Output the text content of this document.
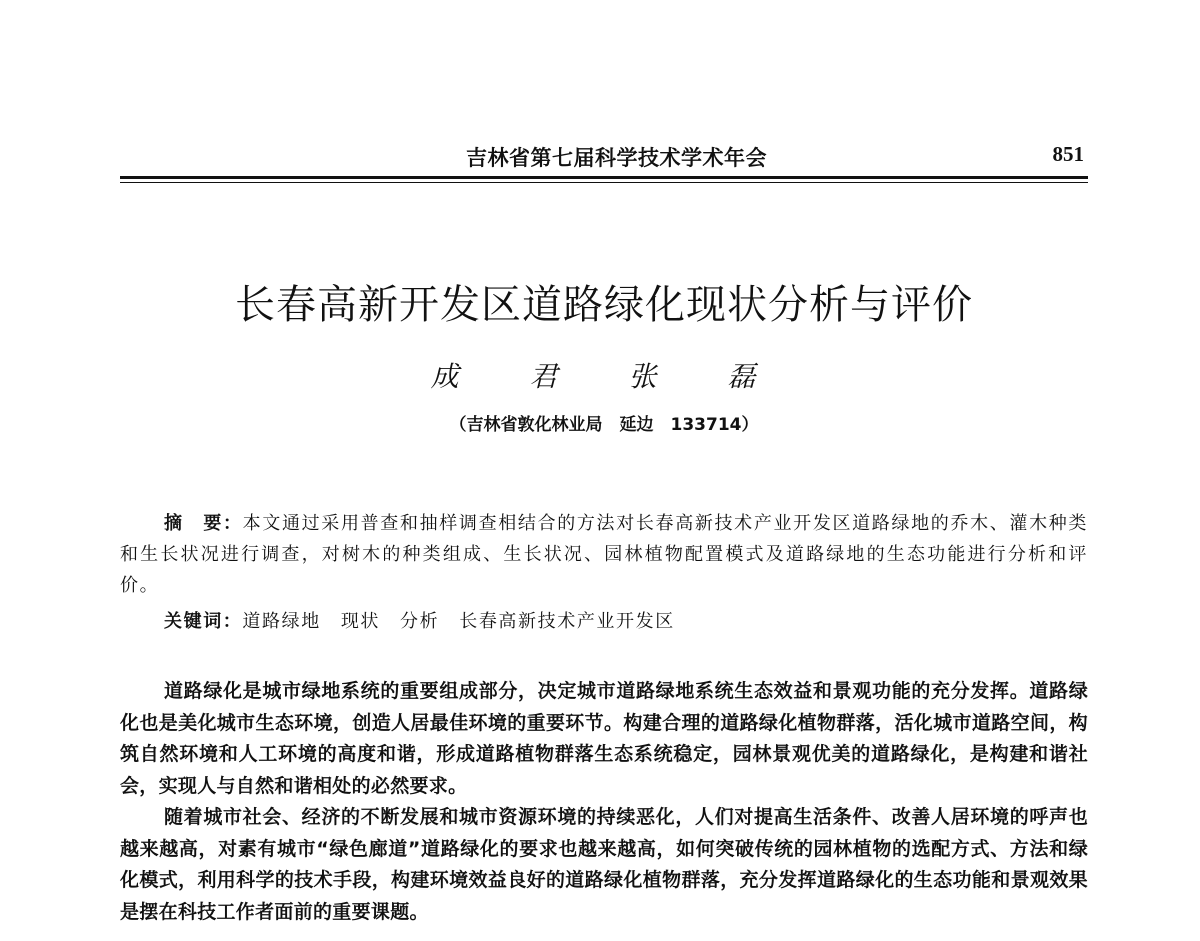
吉林省第七届科学技术学术年会	851
长春高新开发区道路绿化现状分析与评价
成 君 张 磊
（吉林省敦化林业局　延边　133714）
摘　要：本文通过采用普查和抽样调查相结合的方法对长春高新技术产业开发区道路绿地的乔木、灌木种类和生长状况进行调查，对树木的种类组成、生长状况、园林植物配置模式及道路绿地的生态功能进行分析和评价。
关键词：道路绿地 现状 分析 长春高新技术产业开发区

道路绿化是城市绿地系统的重要组成部分，决定城市道路绿地系统生态效益和景观功能的充分发挥。道路绿化也是美化城市生态环境，创造人居最佳环境的重要环节。构建合理的道路绿化植物群落，活化城市道路空间，构筑自然环境和人工环境的高度和谐，形成道路植物群落生态系统稳定，园林景观优美的道路绿化，是构建和谐社会，实现人与自然和谐相处的必然要求。

随着城市社会、经济的不断发展和城市资源环境的持续恶化，人们对提高生活条件、改善人居环境的呼声也越来越高，对素有城市“绿色廊道”道路绿化的要求也越来越高，如何突破传统的园林植物的选配方式、方法和绿化模式，利用科学的技术手段，构建环境效益良好的道路绿化植物群落，充分发挥道路绿化的生态功能和景观效果是摆在科技工作者面前的重要课题。
